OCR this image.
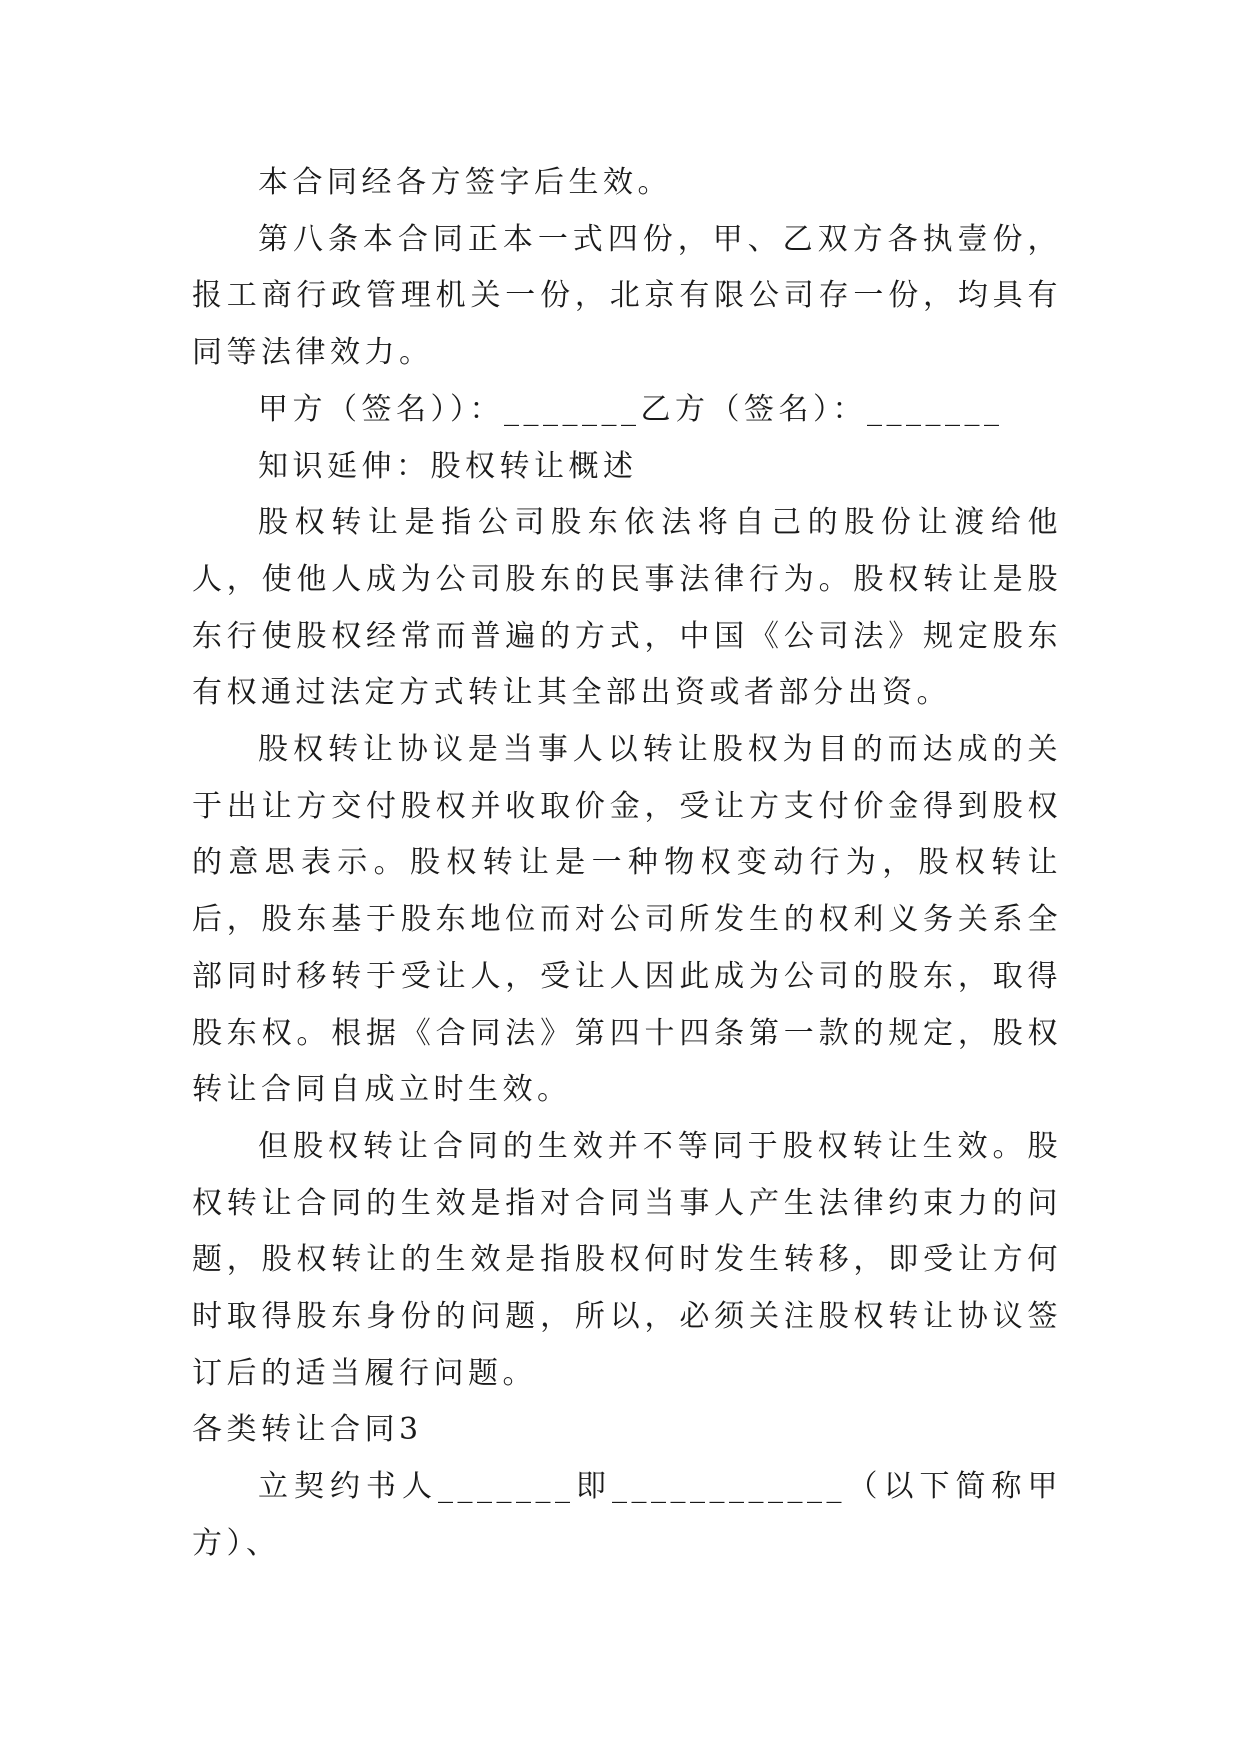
本合同经各方签字后生效。

第八条本合同正本一式四份，甲、乙双方各执壹份，报工商行政管理机关一份，北京有限公司存一份，均具有同等法律效力。

甲方（签名））：_______乙方（签名）：_______

知识延伸：股权转让概述

股权转让是指公司股东依法将自己的股份让渡给他人，使他人成为公司股东的民事法律行为。股权转让是股东行使股权经常而普遍的方式，中国《公司法》规定股东有权通过法定方式转让其全部出资或者部分出资。

股权转让协议是当事人以转让股权为目的而达成的关于出让方交付股权并收取价金，受让方支付价金得到股权的意思表示。股权转让是一种物权变动行为，股权转让后，股东基于股东地位而对公司所发生的权利义务关系全部同时移转于受让人，受让人因此成为公司的股东，取得股东权。根据《合同法》第四十四条第一款的规定，股权转让合同自成立时生效。

但股权转让合同的生效并不等同于股权转让生效。股权转让合同的生效是指对合同当事人产生法律约束力的问题，股权转让的生效是指股权何时发生转移，即受让方何时取得股东身份的问题，所以，必须关注股权转让协议签订后的适当履行问题。

各类转让合同3

立契约书人_______即____________（以下简称甲方）、
